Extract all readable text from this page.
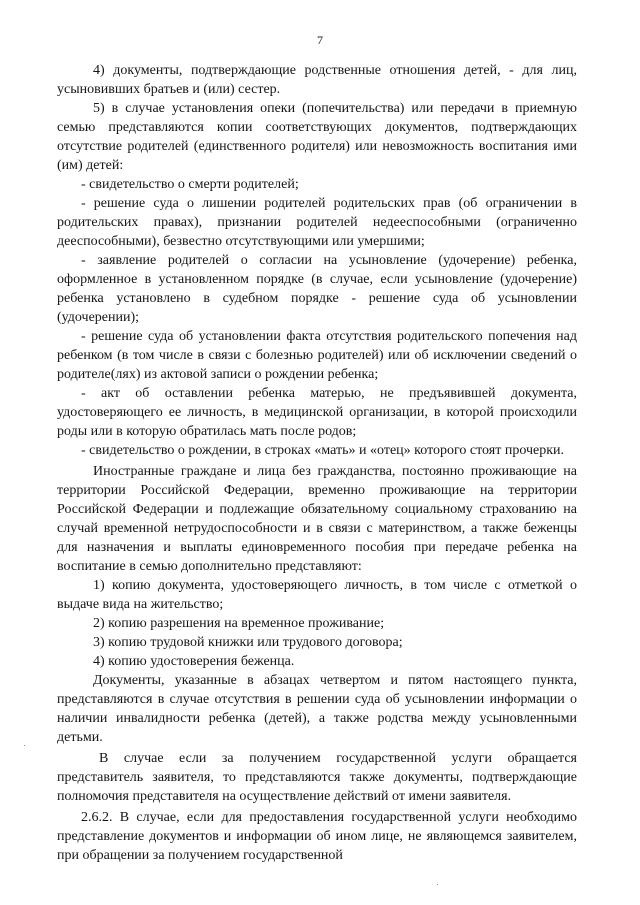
7

4) документы, подтверждающие родственные отношения детей, - для лиц, усыновивших братьев и (или) сестер.

5) в случае установления опеки (попечительства) или передачи в приемную семью представляются копии соответствующих документов, подтверждающих отсутствие родителей (единственного родителя) или невозможность воспитания ими (им) детей:

- свидетельство о смерти родителей;

- решение суда о лишении родителей родительских прав (об ограничении в родительских правах), признании родителей недееспособными (ограниченно дееспособными), безвестно отсутствующими или умершими;

- заявление родителей о согласии на усыновление (удочерение) ребенка, оформленное в установленном порядке (в случае, если усыновление (удочерение) ребенка установлено в судебном порядке - решение суда об усыновлении (удочерении);

- решение суда об установлении факта отсутствия родительского попечения над ребенком (в том числе в связи с болезнью родителей) или об исключении сведений о родителе(лях) из актовой записи о рождении ребенка;

- акт об оставлении ребенка матерью, не предъявившей документа, удостоверяющего ее личность, в медицинской организации, в которой происходили роды или в которую обратилась мать после родов;

- свидетельство о рождении, в строках «мать» и «отец» которого стоят прочерки.

Иностранные граждане и лица без гражданства, постоянно проживающие на территории Российской Федерации, временно проживающие на территории Российской Федерации и подлежащие обязательному социальному страхованию на случай временной нетрудоспособности и в связи с материнством, а также беженцы для назначения и выплаты единовременного пособия при передаче ребенка на воспитание в семью дополнительно представляют:

1) копию документа, удостоверяющего личность, в том числе с отметкой о выдаче вида на жительство;

2) копию разрешения на временное проживание;

3) копию трудовой книжки или трудового договора;

4) копию удостоверения беженца.

Документы, указанные в абзацах четвертом и пятом настоящего пункта, представляются в случае отсутствия в решении суда об усыновлении информации о наличии инвалидности ребенка (детей), а также родства между усыновленными детьми.

В случае если за получением государственной услуги обращается представитель заявителя, то представляются также документы, подтверждающие полномочия представителя на осуществление действий от имени заявителя.

2.6.2. В случае, если для предоставления государственной услуги необходимо представление документов и информации об ином лице, не являющемся заявителем, при обращении за получением государственной
